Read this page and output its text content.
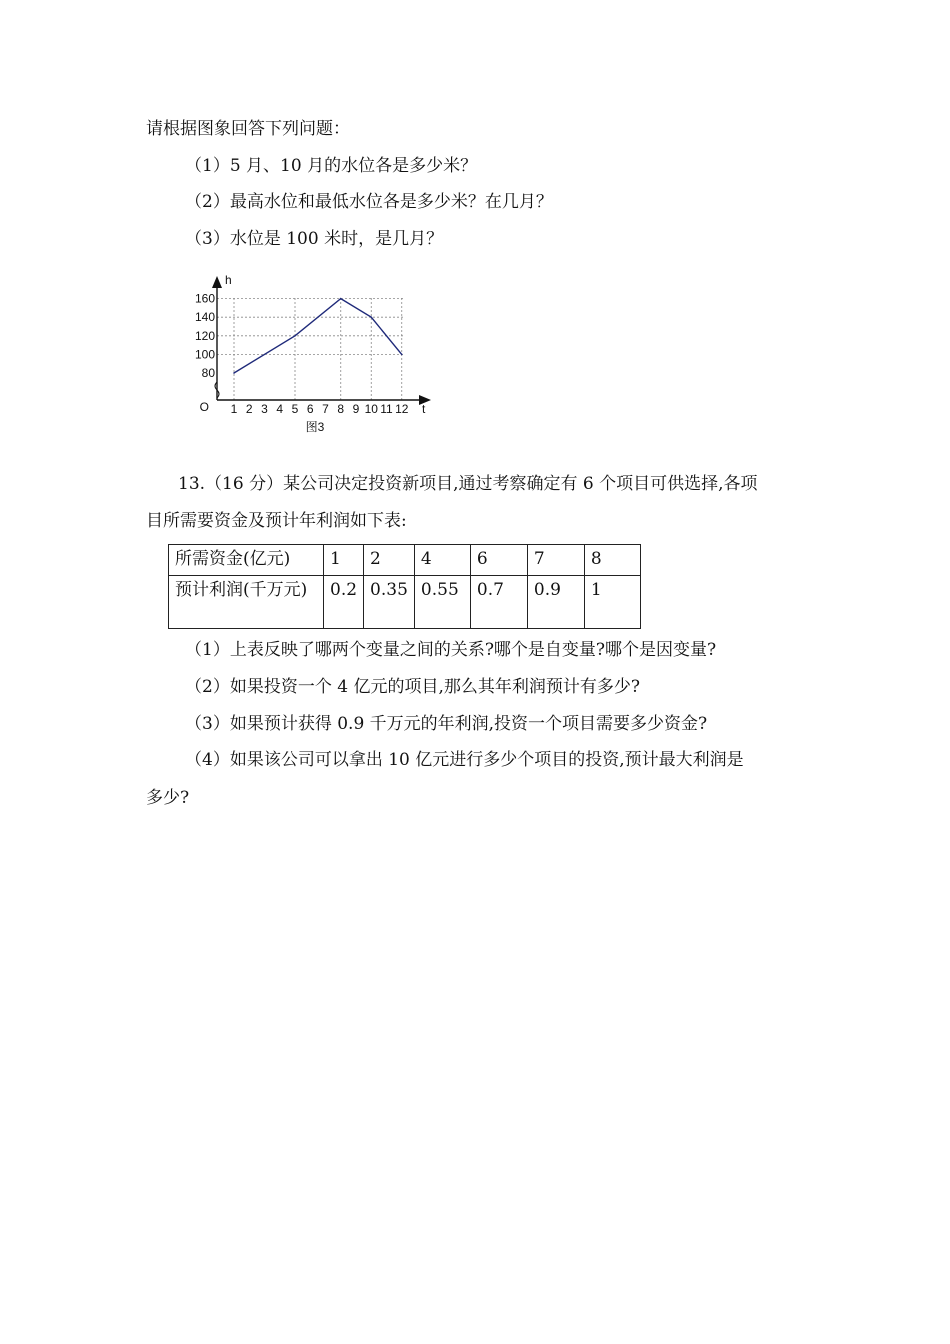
请根据图象回答下列问题：
（1）5 月、10 月的水位各是多少米？
（2）最高水位和最低水位各是多少米？在几月？
（3）水位是 100 米时，是几月？
80
100
120
140
160
1 2 3 4 5 6 7 8 9 10 11 12
h
t
O
图3
13.（16 分）某公司决定投资新项目,通过考察确定有 6 个项目可供选择,各项
目所需要资金及预计年利润如下表:
所需资金(亿元)	1	2	4	6	7	8
预计利润(千万元)	0.2	0.35	0.55	0.7	0.9	1
（1）上表反映了哪两个变量之间的关系?哪个是自变量?哪个是因变量?
（2）如果投资一个 4 亿元的项目,那么其年利润预计有多少?
（3）如果预计获得 0.9 千万元的年利润,投资一个项目需要多少资金?
（4）如果该公司可以拿出 10 亿元进行多少个项目的投资,预计最大利润是
多少?
